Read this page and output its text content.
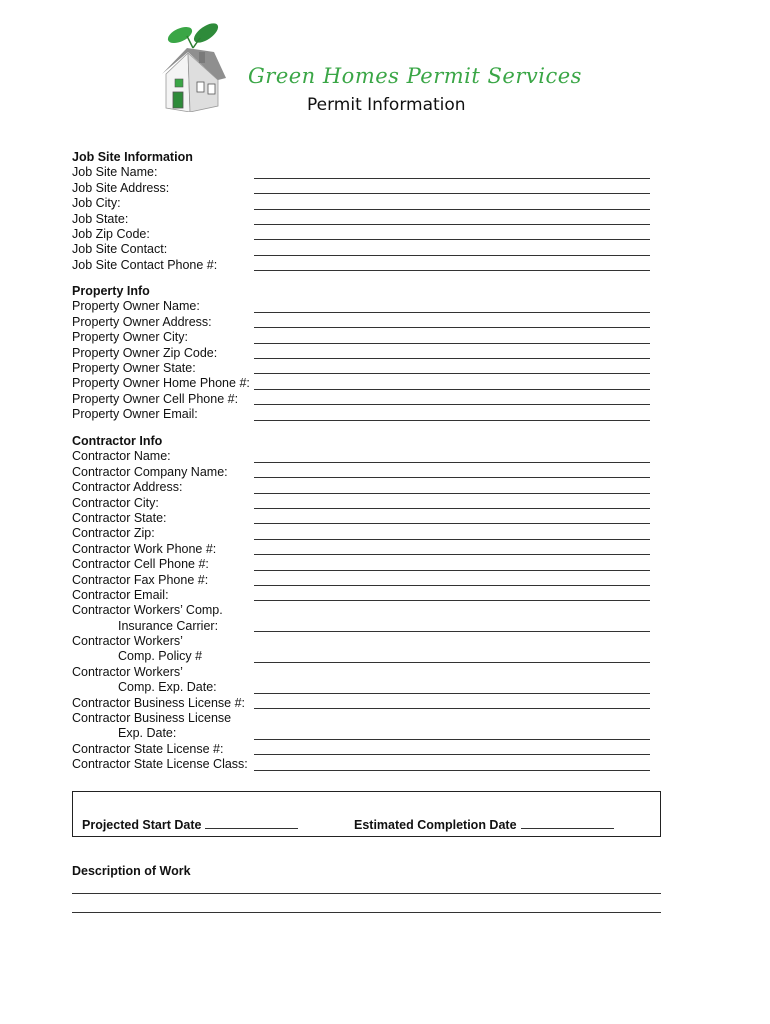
Green Homes Permit Services
Permit Information
Job Site Information
Job Site Name:
Job Site Address:
Job City:
Job State:
Job Zip Code:
Job Site Contact:
Job Site Contact Phone #:
Property Info
Property Owner Name:
Property Owner Address:
Property Owner City:
Property Owner Zip Code:
Property Owner State:
Property Owner Home Phone #:
Property Owner Cell Phone #:
Property Owner Email:
Contractor Info
Contractor Name:
Contractor Company Name:
Contractor Address:
Contractor City:
Contractor State:
Contractor Zip:
Contractor Work Phone #:
Contractor Cell Phone #:
Contractor Fax Phone #:
Contractor Email:
Contractor Workers’ Comp.
Insurance Carrier:
Contractor Workers’
Comp. Policy #
Contractor Workers’
Comp. Exp. Date:
Contractor Business License #:
Contractor Business License
Exp. Date:
Contractor State License #:
Contractor State License Class:
Projected Start Date	Estimated Completion Date
Description of Work
